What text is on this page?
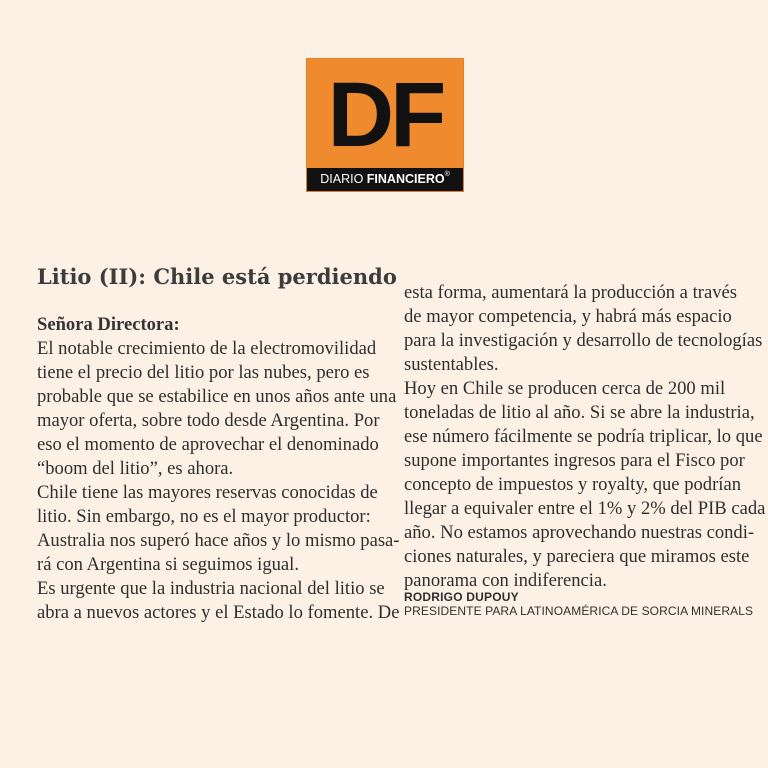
DF
DIARIO FINANCIERO®
Litio (II): Chile está perdiendo

Señora Directora:

El notable crecimiento de la electromovilidad

tiene el precio del litio por las nubes, pero es

probable que se estabilice en unos años ante una

mayor oferta, sobre todo desde Argentina. Por

eso el momento de aprovechar el denominado

“boom del litio”, es ahora.

Chile tiene las mayores reservas conocidas de

litio. Sin embargo, no es el mayor productor:

Australia nos superó hace años y lo mismo pasa-

rá con Argentina si seguimos igual.

Es urgente que la industria nacional del litio se

abra a nuevos actores y el Estado lo fomente. De

esta forma, aumentará la producción a través

de mayor competencia, y habrá más espacio

para la investigación y desarrollo de tecnologías

sustentables.

Hoy en Chile se producen cerca de 200 mil

toneladas de litio al año. Si se abre la industria,

ese número fácilmente se podría triplicar, lo que

supone importantes ingresos para el Fisco por

concepto de impuestos y royalty, que podrían

llegar a equivaler entre el 1% y 2% del PIB cada

año. No estamos aprovechando nuestras condi-

ciones naturales, y pareciera que miramos este

panorama con indiferencia.

RODRIGO DUPOUY
PRESIDENTE PARA LATINOAMÉRICA DE SORCIA MINERALS
